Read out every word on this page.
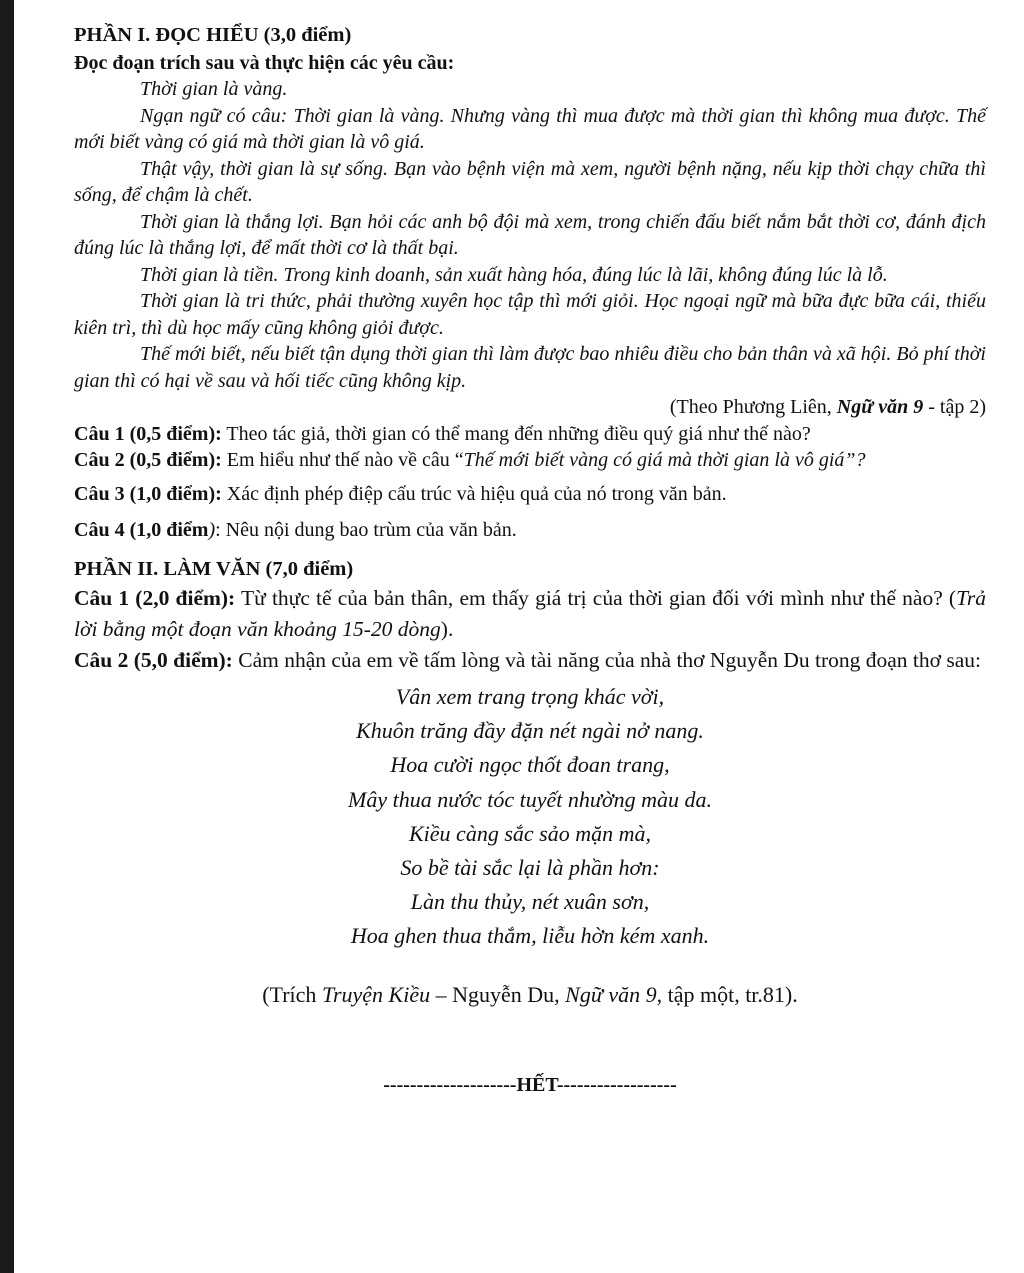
PHẦN I. ĐỌC HIỂU (3,0 điểm)

Đọc đoạn trích sau và thực hiện các yêu cầu:

Thời gian là vàng.

Ngạn ngữ có câu: Thời gian là vàng. Nhưng vàng thì mua được mà thời gian thì không mua được. Thế mới biết vàng có giá mà thời gian là vô giá.

Thật vậy, thời gian là sự sống. Bạn vào bệnh viện mà xem, người bệnh nặng, nếu kịp thời chạy chữa thì sống, để chậm là chết.

Thời gian là thắng lợi. Bạn hỏi các anh bộ đội mà xem, trong chiến đấu biết nắm bắt thời cơ, đánh địch đúng lúc là thắng lợi, để mất thời cơ là thất bại.

Thời gian là tiền. Trong kinh doanh, sản xuất hàng hóa, đúng lúc là lãi, không đúng lúc là lỗ.

Thời gian là tri thức, phải thường xuyên học tập thì mới giỏi. Học ngoại ngữ mà bữa đực bữa cái, thiếu kiên trì, thì dù học mấy cũng không giỏi được.

Thế mới biết, nếu biết tận dụng thời gian thì làm được bao nhiêu điều cho bản thân và xã hội. Bỏ phí thời gian thì có hại về sau và hối tiếc cũng không kịp.

(Theo Phương Liên, Ngữ văn 9 - tập 2)

Câu 1 (0,5 điểm): Theo tác giả, thời gian có thể mang đến những điều quý giá như thế nào?

Câu 2 (0,5 điểm): Em hiểu như thế nào về câu “Thế mới biết vàng có giá mà thời gian là vô giá”?

Câu 3 (1,0 điểm): Xác định phép điệp cấu trúc và hiệu quả của nó trong văn bản.

Câu 4 (1,0 điểm): Nêu nội dung bao trùm của văn bản.

PHẦN II. LÀM VĂN (7,0 điểm)

Câu 1 (2,0 điểm): Từ thực tế của bản thân, em thấy giá trị của thời gian đối với mình như thế nào? (Trả lời bằng một đoạn văn khoảng 15-20 dòng).

Câu 2 (5,0 điểm): Cảm nhận của em về tấm lòng và tài năng của nhà thơ Nguyễn Du trong đoạn thơ sau:

Vân xem trang trọng khác vời,

Khuôn trăng đầy đặn nét ngài nở nang.

Hoa cười ngọc thốt đoan trang,

Mây thua nước tóc tuyết nhường màu da.

Kiều càng sắc sảo mặn mà,

So bề tài sắc lại là phần hơn:

Làn thu thủy, nét xuân sơn,

Hoa ghen thua thắm, liễu hờn kém xanh.

(Trích Truyện Kiều – Nguyễn Du, Ngữ văn 9, tập một, tr.81).

--------------------HẾT------------------
